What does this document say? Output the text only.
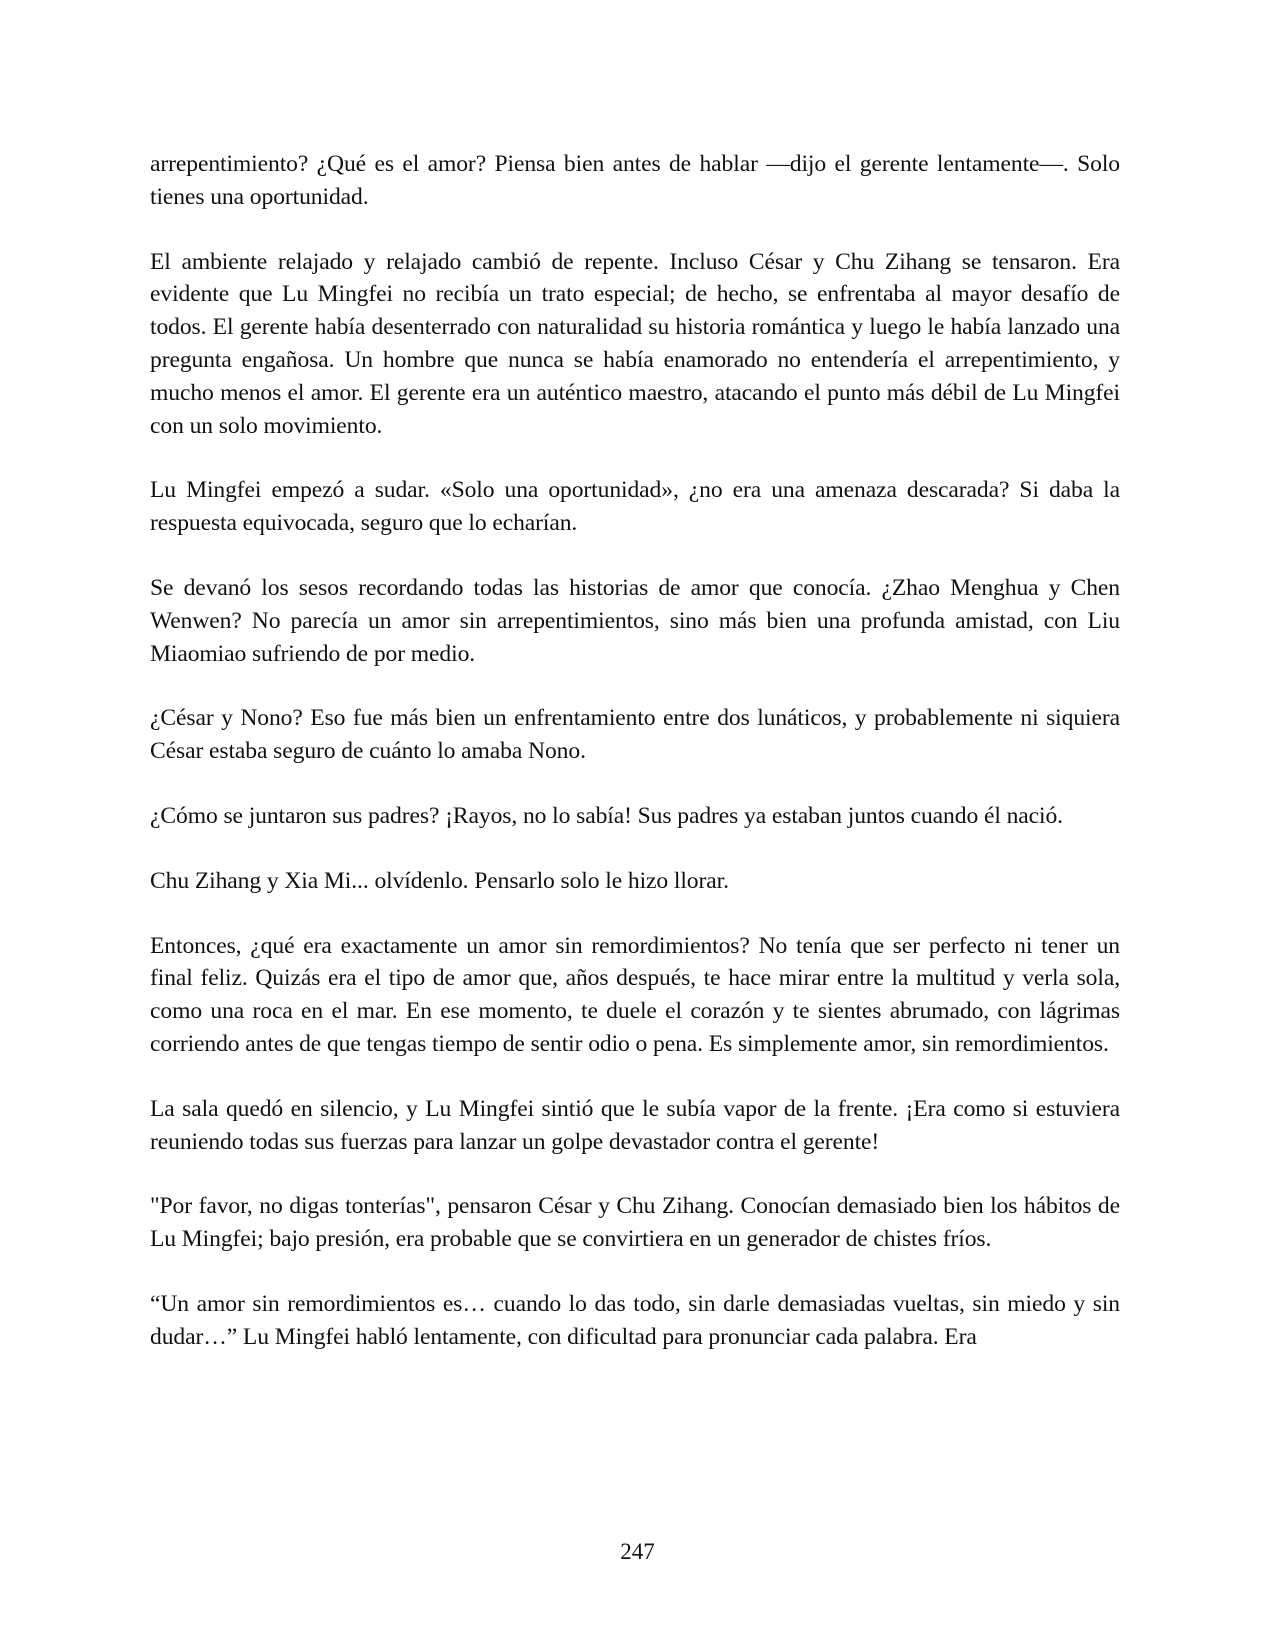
arrepentimiento? ¿Qué es el amor? Piensa bien antes de hablar —dijo el gerente lentamente—. Solo tienes una oportunidad.

El ambiente relajado y relajado cambió de repente. Incluso César y Chu Zihang se tensaron. Era evidente que Lu Mingfei no recibía un trato especial; de hecho, se enfrentaba al mayor desafío de todos. El gerente había desenterrado con naturalidad su historia romántica y luego le había lanzado una pregunta engañosa. Un hombre que nunca se había enamorado no entendería el arrepentimiento, y mucho menos el amor. El gerente era un auténtico maestro, atacando el punto más débil de Lu Mingfei con un solo movimiento.

Lu Mingfei empezó a sudar. «Solo una oportunidad», ¿no era una amenaza descarada? Si daba la respuesta equivocada, seguro que lo echarían.

Se devanó los sesos recordando todas las historias de amor que conocía. ¿Zhao Menghua y Chen Wenwen? No parecía un amor sin arrepentimientos, sino más bien una profunda amistad, con Liu Miaomiao sufriendo de por medio.

¿César y Nono? Eso fue más bien un enfrentamiento entre dos lunáticos, y probablemente ni siquiera César estaba seguro de cuánto lo amaba Nono.

¿Cómo se juntaron sus padres? ¡Rayos, no lo sabía! Sus padres ya estaban juntos cuando él nació.

Chu Zihang y Xia Mi... olvídenlo. Pensarlo solo le hizo llorar.

Entonces, ¿qué era exactamente un amor sin remordimientos? No tenía que ser perfecto ni tener un final feliz. Quizás era el tipo de amor que, años después, te hace mirar entre la multitud y verla sola, como una roca en el mar. En ese momento, te duele el corazón y te sientes abrumado, con lágrimas corriendo antes de que tengas tiempo de sentir odio o pena. Es simplemente amor, sin remordimientos.

La sala quedó en silencio, y Lu Mingfei sintió que le subía vapor de la frente. ¡Era como si estuviera reuniendo todas sus fuerzas para lanzar un golpe devastador contra el gerente!

"Por favor, no digas tonterías", pensaron César y Chu Zihang. Conocían demasiado bien los hábitos de Lu Mingfei; bajo presión, era probable que se convirtiera en un generador de chistes fríos.

“Un amor sin remordimientos es… cuando lo das todo, sin darle demasiadas vueltas, sin miedo y sin dudar…” Lu Mingfei habló lentamente, con dificultad para pronunciar cada palabra. Era

247
